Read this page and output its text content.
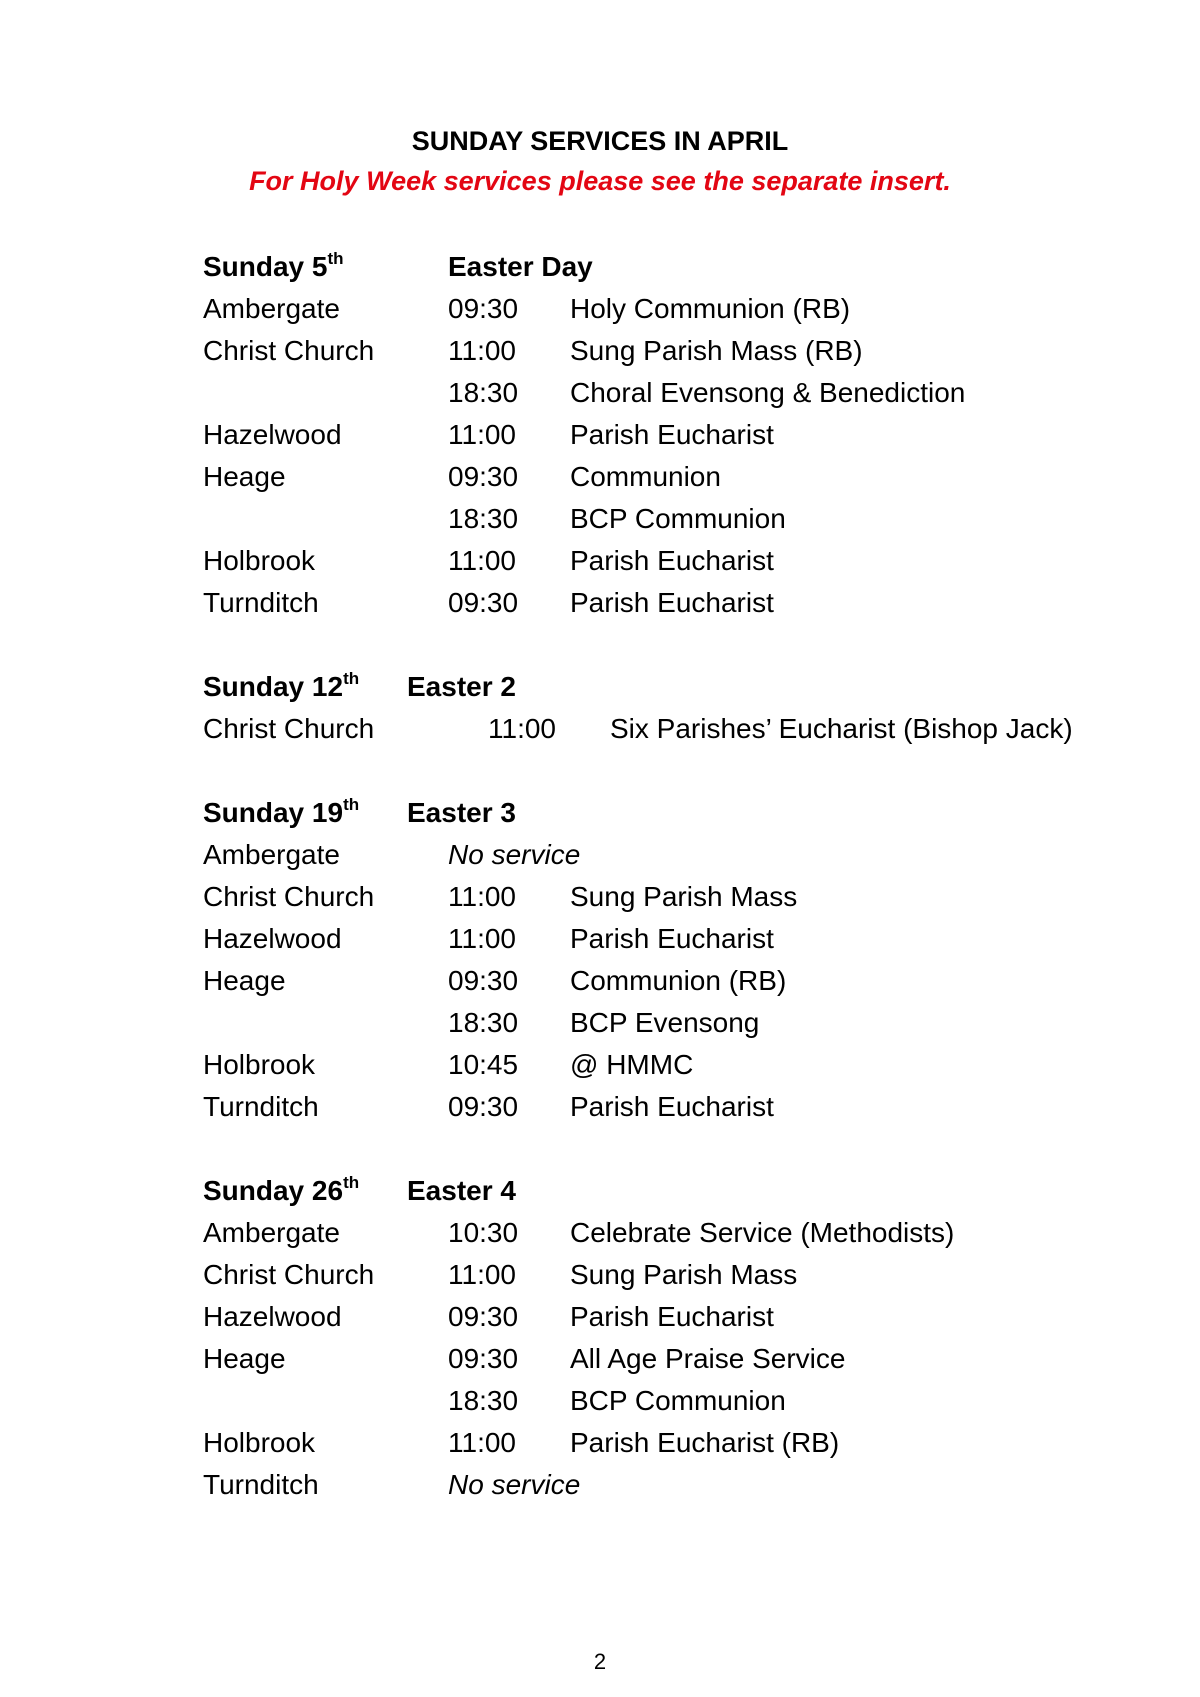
SUNDAY SERVICES IN APRIL
For Holy Week services please see the separate insert.
Sunday 5th	Easter Day
Ambergate	09:30 Holy Communion (RB)
Christ Church	11:00 Sung Parish Mass (RB)
18:30 Choral Evensong & Benediction
Hazelwood	11:00 Parish Eucharist
Heage	09:30 Communion
18:30 BCP Communion
Holbrook	11:00 Parish Eucharist
Turnditch	09:30 Parish Eucharist
Sunday 12th Easter 2
Christ Church	11:00 Six Parishes’ Eucharist (Bishop Jack)
Sunday 19th Easter 3
Ambergate	No service
Christ Church	11:00 Sung Parish Mass
Hazelwood	11:00 Parish Eucharist
Heage	09:30 Communion (RB)
18:30 BCP Evensong
Holbrook	10:45 @ HMMC
Turnditch	09:30 Parish Eucharist
Sunday 26th Easter 4
Ambergate	10:30 Celebrate Service (Methodists)
Christ Church	11:00 Sung Parish Mass
Hazelwood	09:30 Parish Eucharist
Heage	09:30 All Age Praise Service
18:30 BCP Communion
Holbrook	11:00 Parish Eucharist (RB)
Turnditch	No service
2
